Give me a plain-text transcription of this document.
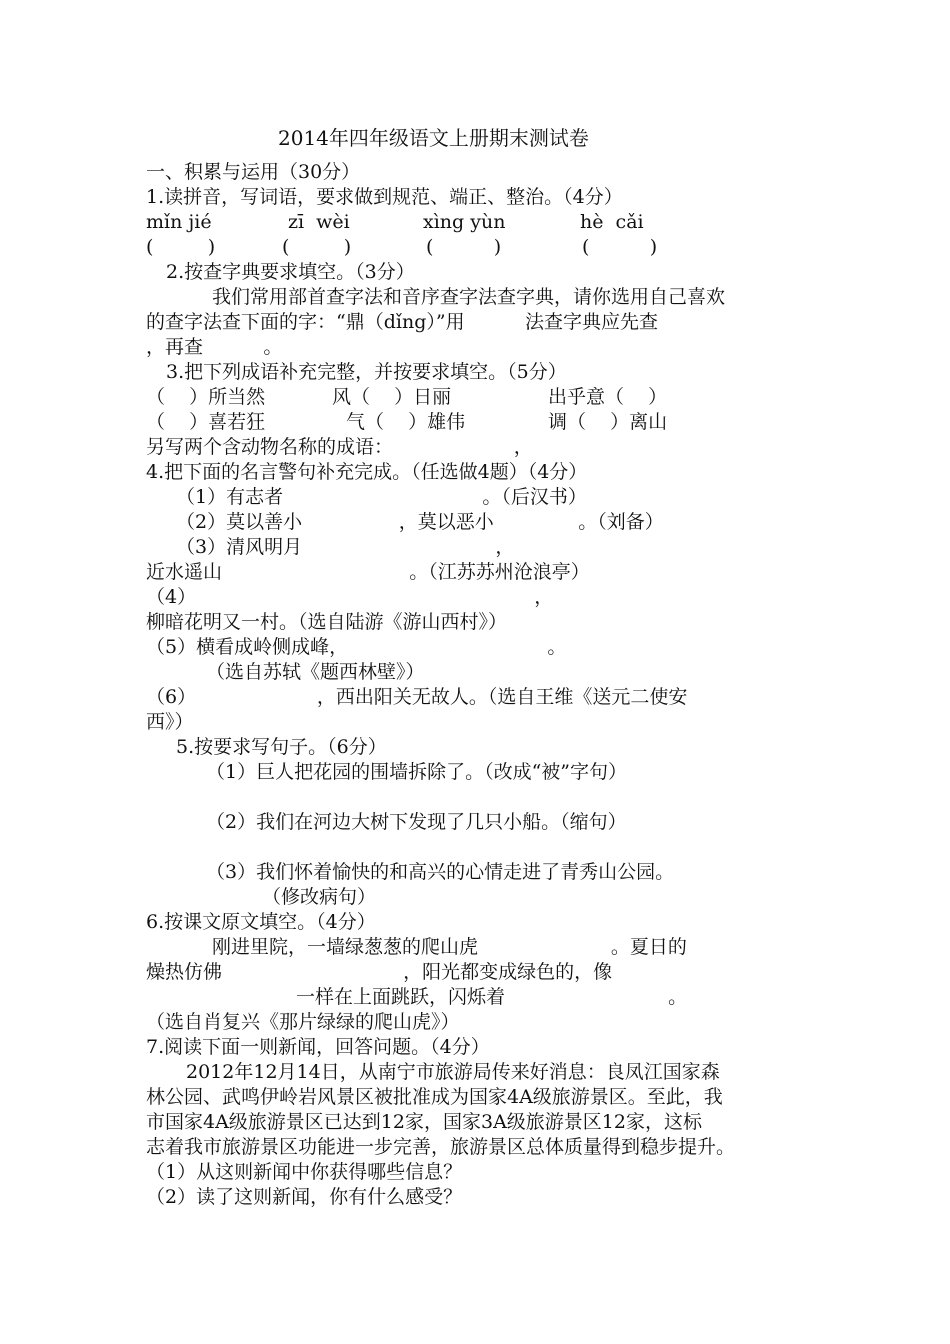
2014年四年级语文上册期末测试卷
一、积累与运用（30分）
1.读拼音，写词语，要求做到规范、端正、整治。（4分）
mǐn jié	zī  wèi	xìng yùn	hè  cǎi
(         )	(         )	(          )	(          )
2.按查字典要求填空。（3分）
我们常用部首查字法和音序查字法查字典，请你选用自己喜欢
的查字法查下面的字：“鼎（dǐng）”用          法查字典应先查
，再查          。
3.把下列成语补充完整，并按要求填空。（5分）
（    ）所当然	风（    ）日丽	出乎意（    ）
（    ）喜若狂	气（    ）雄伟	调（    ）离山
另写两个含动物名称的成语：                    ，
4.把下面的名言警句补充完成。（任选做4题）（4分）
（1）有志者                                 。（后汉书）
（2）莫以善小                ，莫以恶小              。（刘备）
（3）清风明月                                ，
近水遥山                               。（江苏苏州沧浪亭）
（4）                                                        ，
柳暗花明又一村。（选自陆游《游山西村》）
（5）横看成岭侧成峰，                                 。
（选自苏轼《题西林壁》）
（6）                    ，西出阳关无故人。（选自王维《送元二使安
西》）
5.按要求写句子。（6分）
（1）巨人把花园的围墙拆除了。（改成“被”字句）
（2）我们在河边大树下发现了几只小船。（缩句）
（3）我们怀着愉快的和高兴的心情走进了青秀山公园。
（修改病句）
6.按课文原文填空。（4分）
刚进里院，一墙绿葱葱的爬山虎                      。夏日的
燥热仿佛                              ，阳光都变成绿色的，像
一样在上面跳跃，闪烁着                           。
（选自肖复兴《那片绿绿的爬山虎》）
7.阅读下面一则新闻，回答问题。（4分）
2012年12月14日，从南宁市旅游局传来好消息：良凤江国家森
林公园、武鸣伊岭岩风景区被批准成为国家4A级旅游景区。至此，我
市国家4A级旅游景区已达到12家，国家3A级旅游景区12家，这标
志着我市旅游景区功能进一步完善，旅游景区总体质量得到稳步提升。
（1）从这则新闻中你获得哪些信息？
（2）读了这则新闻，你有什么感受？
